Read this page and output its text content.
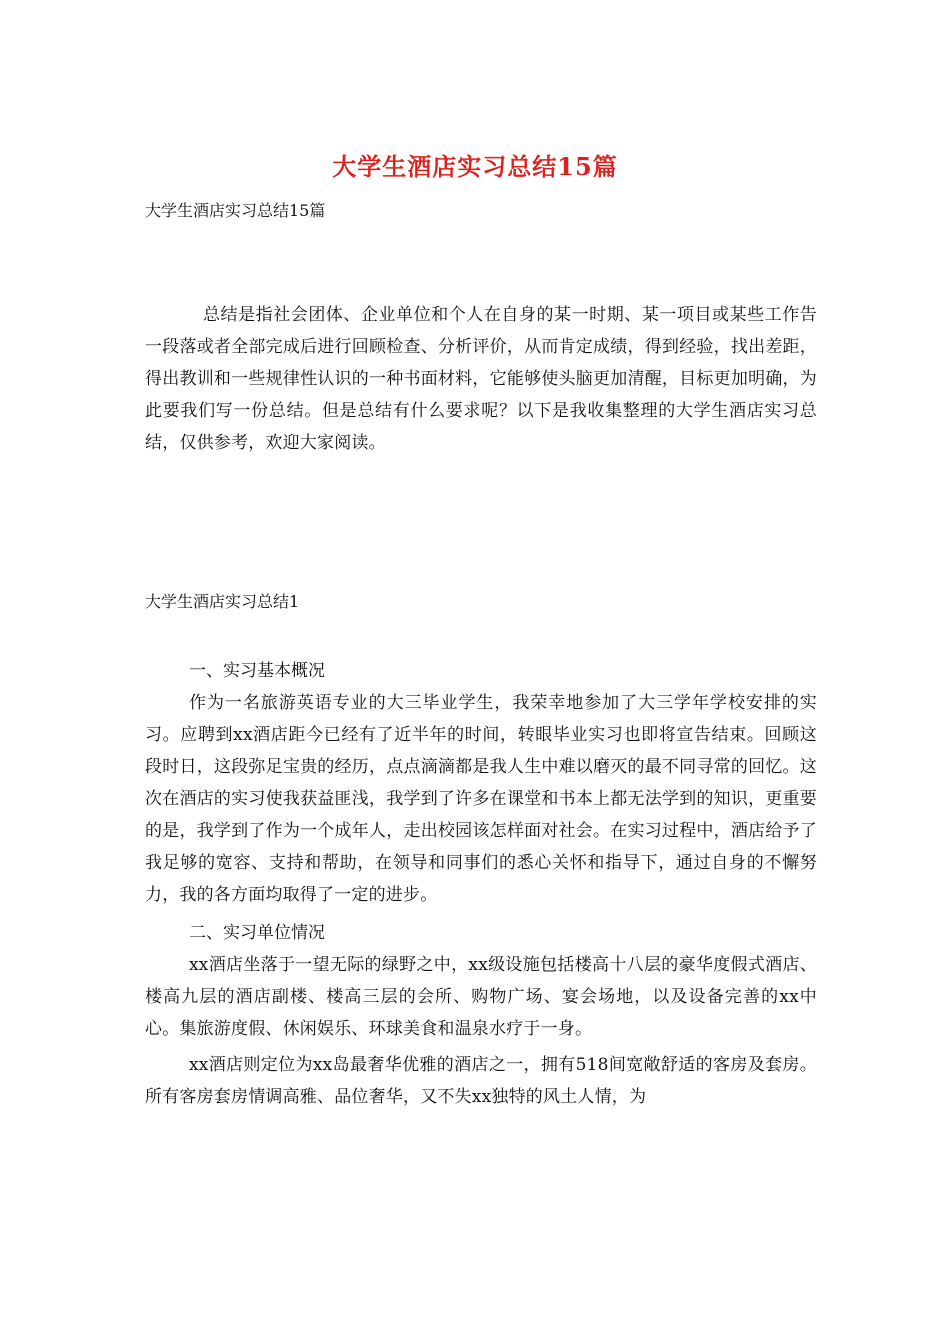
大学生酒店实习总结15篇

大学生酒店实习总结15篇

总结是指社会团体、企业单位和个人在自身的某一时期、某一项目或某些工作告一段落或者全部完成后进行回顾检查、分析评价，从而肯定成绩，得到经验，找出差距，得出教训和一些规律性认识的一种书面材料，它能够使头脑更加清醒，目标更加明确，为此要我们写一份总结。但是总结有什么要求呢？以下是我收集整理的大学生酒店实习总结，仅供参考，欢迎大家阅读。

大学生酒店实习总结1

一、实习基本概况

作为一名旅游英语专业的大三毕业学生，我荣幸地参加了大三学年学校安排的实习。应聘到xx酒店距今已经有了近半年的时间，转眼毕业实习也即将宣告结束。回顾这段时日，这段弥足宝贵的经历，点点滴滴都是我人生中难以磨灭的最不同寻常的回忆。这次在酒店的实习使我获益匪浅，我学到了许多在课堂和书本上都无法学到的知识，更重要的是，我学到了作为一个成年人，走出校园该怎样面对社会。在实习过程中，酒店给予了我足够的宽容、支持和帮助，在领导和同事们的悉心关怀和指导下，通过自身的不懈努力，我的各方面均取得了一定的进步。

二、实习单位情况

xx酒店坐落于一望无际的绿野之中，xx级设施包括楼高十八层的豪华度假式酒店、楼高九层的酒店副楼、楼高三层的会所、购物广场、宴会场地，以及设备完善的xx中心。集旅游度假、休闲娱乐、环球美食和温泉水疗于一身。

xx酒店则定位为xx岛最奢华优雅的酒店之一，拥有518间宽敞舒适的客房及套房。所有客房套房情调高雅、品位奢华，又不失xx独特的风土人情，为
